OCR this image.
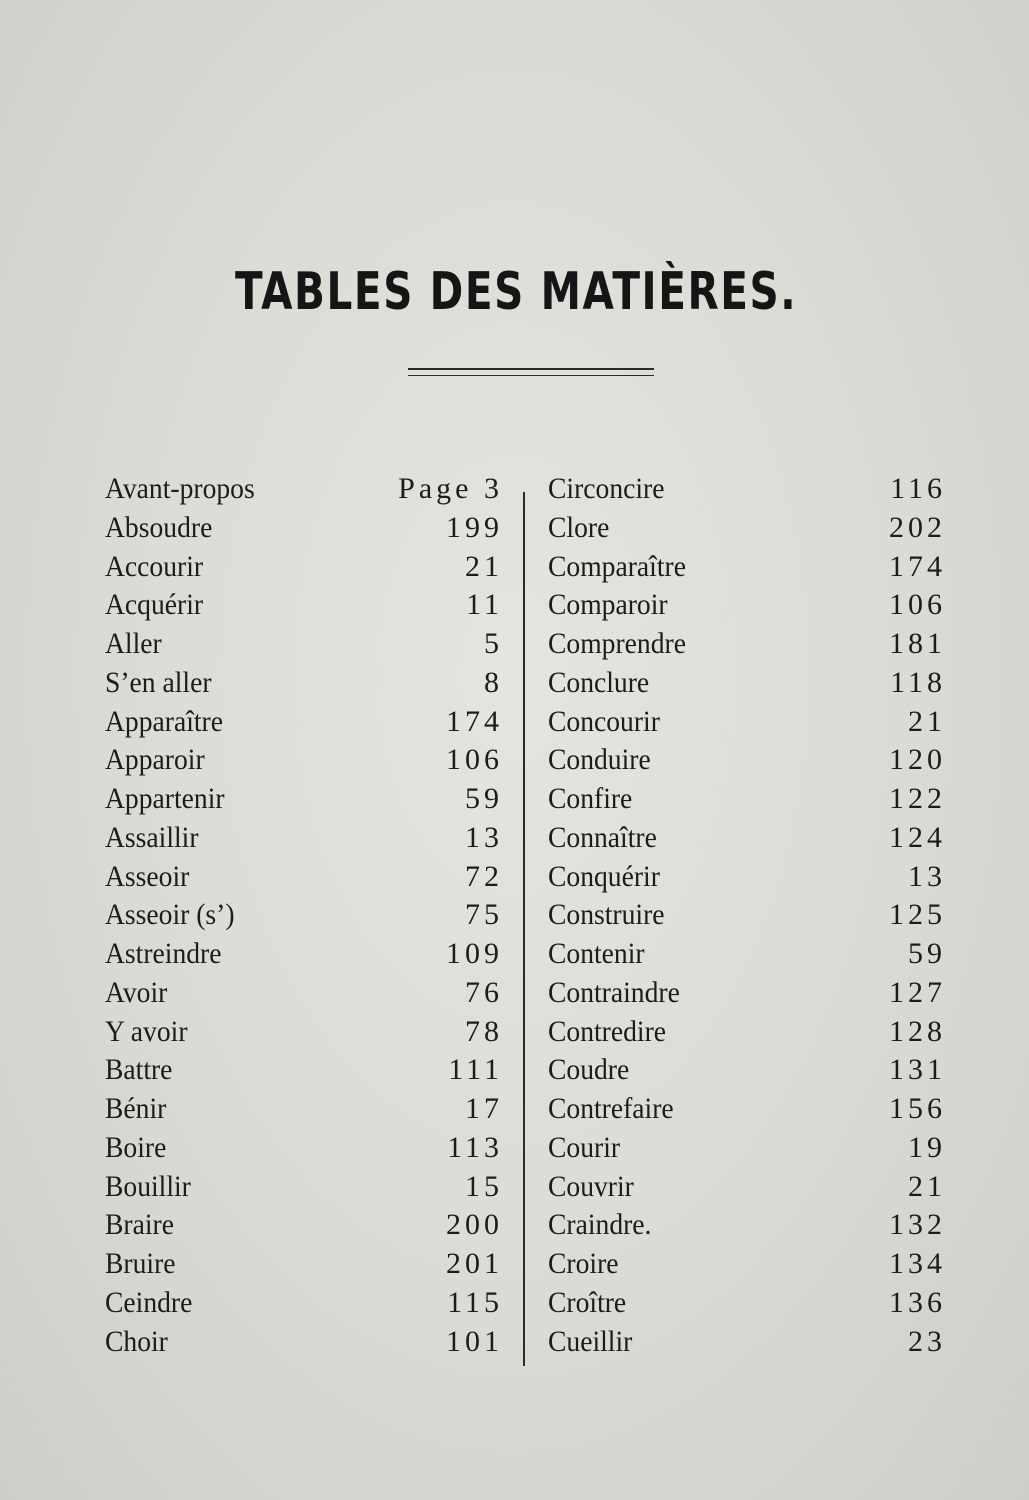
TABLES DES MATIÈRES.
Avant-propos	Page 3
Absoudre	199
Accourir	21
Acquérir	11
Aller	5
S’en aller	8
Apparaître	174
Apparoir	106
Appartenir	59
Assaillir	13
Asseoir	72
Asseoir (s’)	75
Astreindre	109
Avoir	76
Y avoir	78
Battre	111
Bénir	17
Boire	113
Bouillir	15
Braire	200
Bruire	201
Ceindre	115
Choir	101
Circoncire	116
Clore	202
Comparaître	174
Comparoir	106
Comprendre	181
Conclure	118
Concourir	21
Conduire	120
Confire	122
Connaître	124
Conquérir	13
Construire	125
Contenir	59
Contraindre	127
Contredire	128
Coudre	131
Contrefaire	156
Courir	19
Couvrir	21
Craindre.	132
Croire	134
Croître	136
Cueillir	23
